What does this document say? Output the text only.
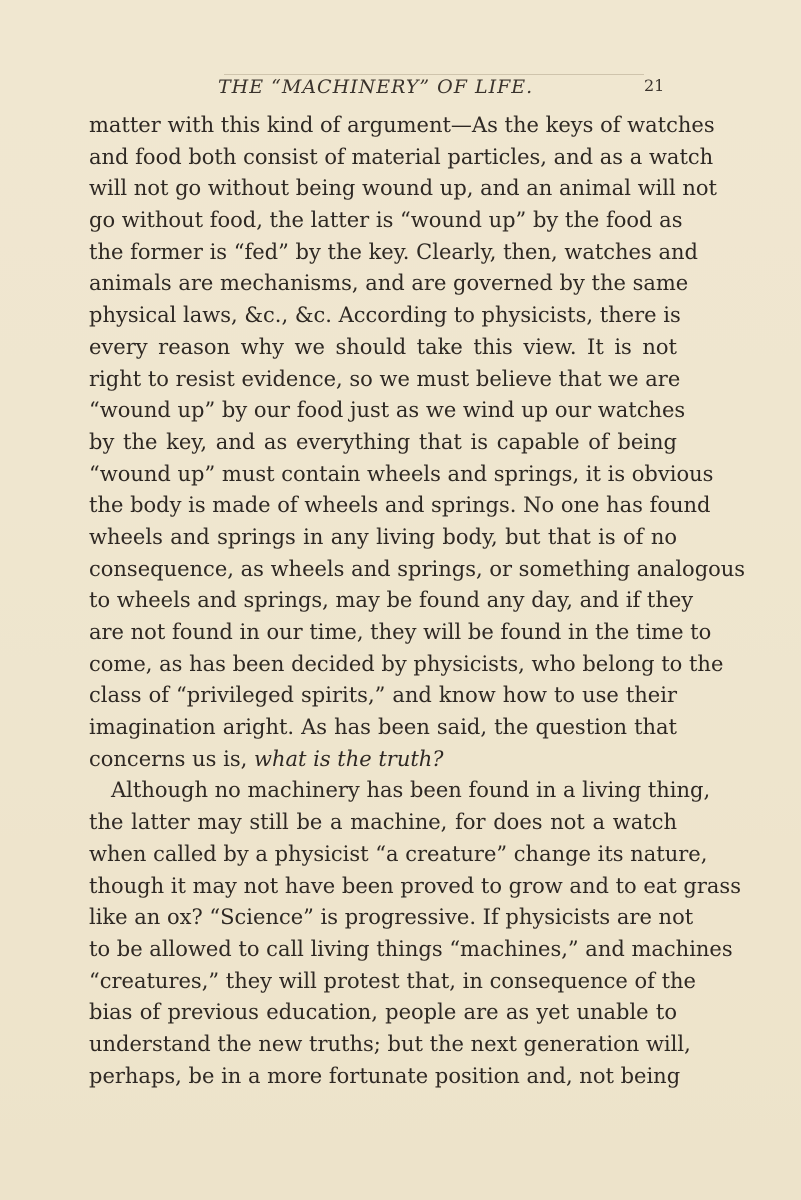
THE “MACHINERY” OF LIFE.	21
matter with this kind of argument—As the keys of watches
and food both consist of material particles, and as a watch
will not go without being wound up, and an animal will not
go without food, the latter is “wound up” by the food as
the former is “fed” by the key. Clearly, then, watches and
animals are mechanisms, and are governed by the same
physical laws, &c., &c. According to physicists, there is
every reason why we should take this view. It is not
right to resist evidence, so we must believe that we are
“wound up” by our food just as we wind up our watches
by the key, and as everything that is capable of being
“wound up” must contain wheels and springs, it is obvious
the body is made of wheels and springs. No one has found
wheels and springs in any living body, but that is of no
consequence, as wheels and springs, or something analogous
to wheels and springs, may be found any day, and if they
are not found in our time, they will be found in the time to
come, as has been decided by physicists, who belong to the
class of “privileged spirits,” and know how to use their
imagination aright. As has been said, the question that
concerns us is, what is the truth?
Although no machinery has been found in a living thing,
the latter may still be a machine, for does not a watch
when called by a physicist “a creature” change its nature,
though it may not have been proved to grow and to eat grass
like an ox? “Science” is progressive. If physicists are not
to be allowed to call living things “machines,” and machines
“creatures,” they will protest that, in consequence of the
bias of previous education, people are as yet unable to
understand the new truths; but the next generation will,
perhaps, be in a more fortunate position and, not being
